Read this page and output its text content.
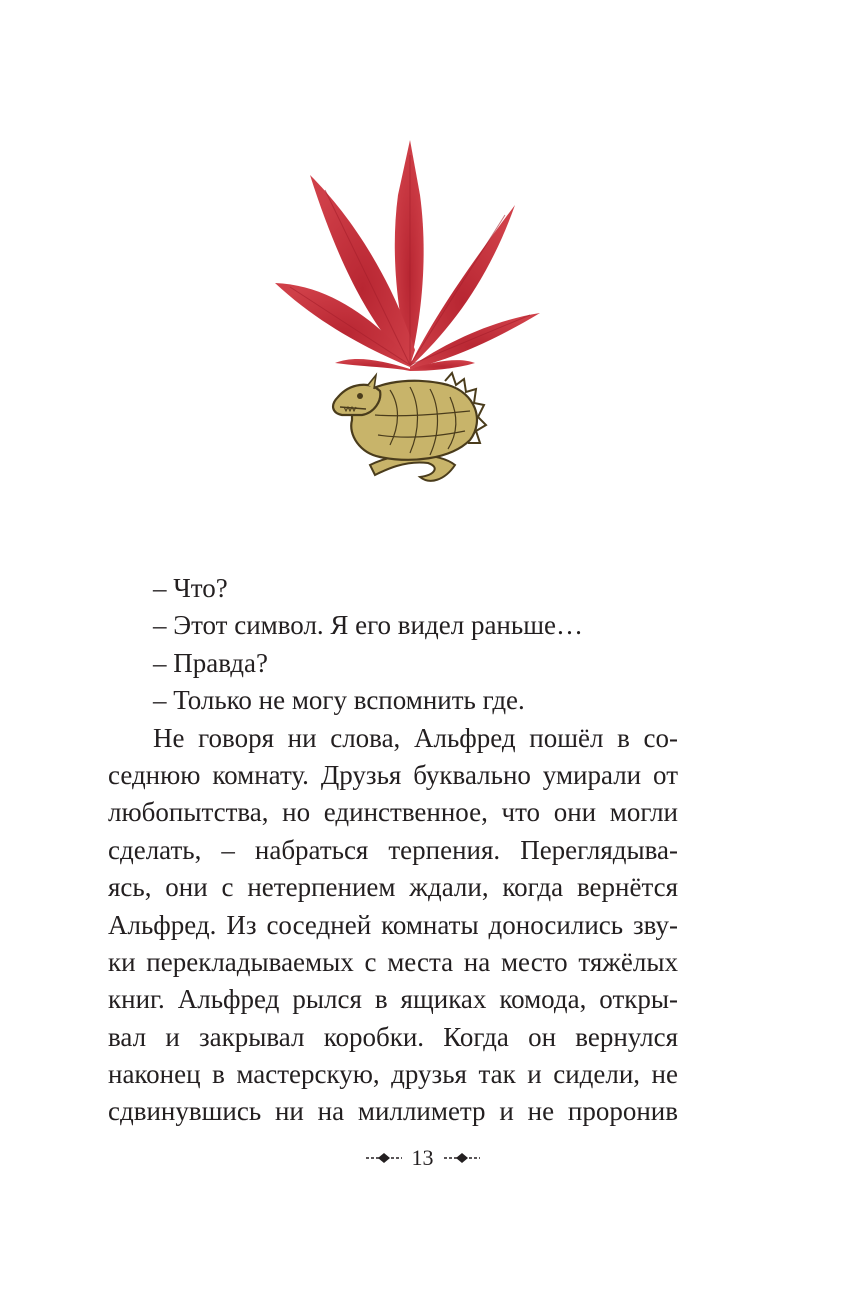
– Что?
– Этот символ. Я его видел раньше…
– Правда?
– Только не могу вспомнить где.
Не говоря ни слова, Альфред пошёл в со-
седнюю комнату. Друзья буквально умирали от
любопытства, но единственное, что они могли
сделать, – набраться терпения. Переглядыва-
ясь, они с нетерпением ждали, когда вернётся
Альфред. Из соседней комнаты доносились зву-
ки перекладываемых с места на место тяжёлых
книг. Альфред рылся в ящиках комода, откры-
вал и закрывал коробки. Когда он вернулся
наконец в мастерскую, друзья так и сидели, не
сдвинувшись ни на миллиметр и не проронив
13
